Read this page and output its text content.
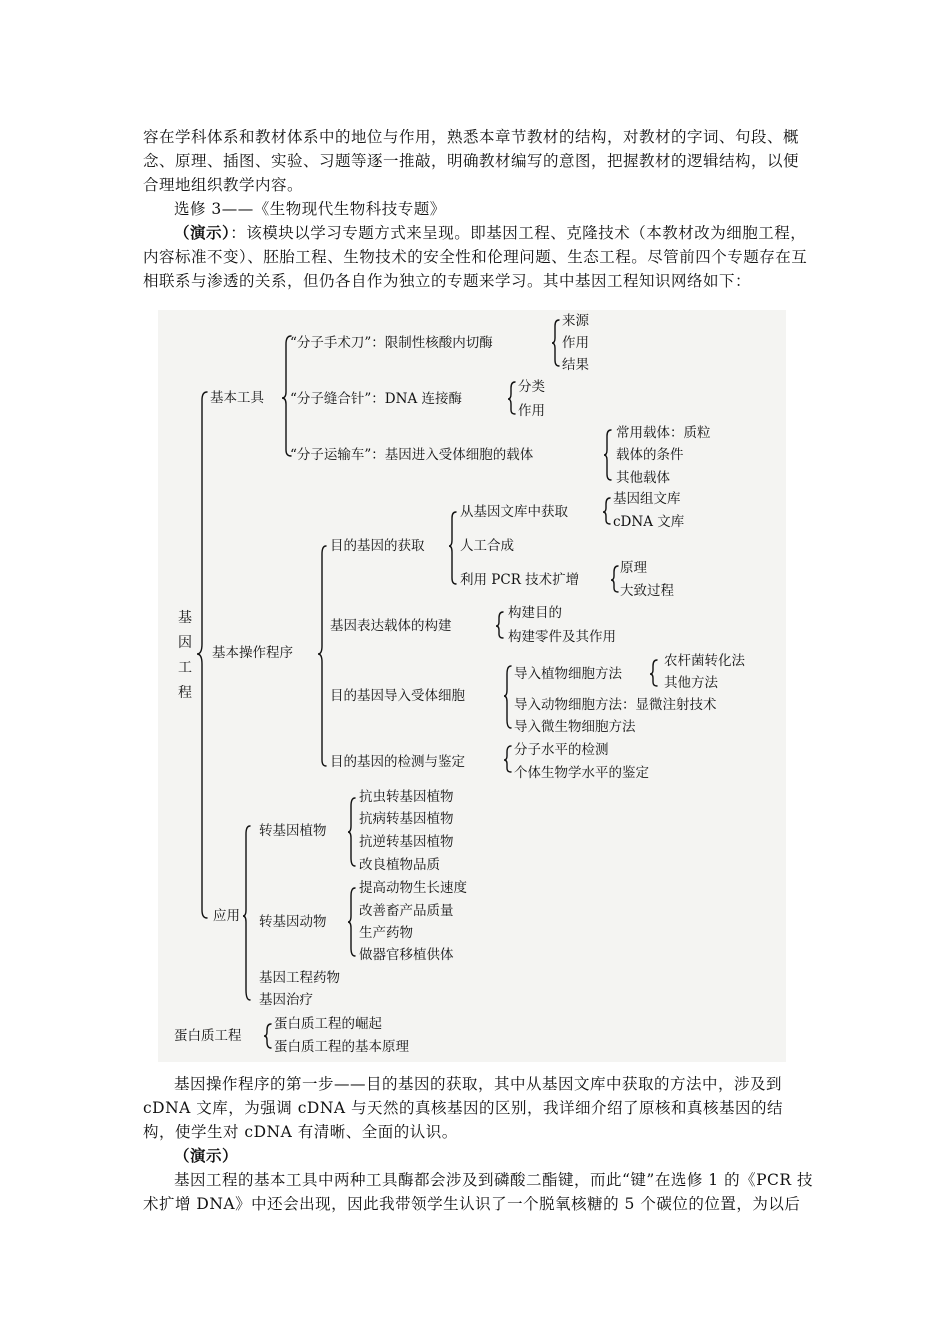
容在学科体系和教材体系中的地位与作用，熟悉本章节教材的结构，对教材的字词、句段、概念、原理、插图、实验、习题等逐一推敲，明确教材编写的意图，把握教材的逻辑结构，以便合理地组织教学内容。

选修 3——《生物现代生物科技专题》

（演示）：该模块以学习专题方式来呈现。即基因工程、克隆技术（本教材改为细胞工程，内容标准不变）、胚胎工程、生物技术的安全性和伦理问题、生态工程。尽管前四个专题存在互相联系与渗透的关系，但仍各自作为独立的专题来学习。其中基因工程知识网络如下：

基因工程
基本工具
“分子手术刀”：限制性核酸内切酶
来源
作用
结果
“分子缝合针”：DNA 连接酶
分类
作用
“分子运输车”：基因进入受体细胞的载体
常用载体：质粒
载体的条件
其他载体
基本操作程序
目的基因的获取
从基因文库中获取
基因组文库
cDNA 文库
人工合成
利用 PCR 技术扩增
原理
大致过程
基因表达载体的构建
构建目的
构建零件及其作用
目的基因导入受体细胞
导入植物细胞方法
农杆菌转化法
其他方法
导入动物细胞方法：显微注射技术
导入微生物细胞方法
目的基因的检测与鉴定
分子水平的检测
个体生物学水平的鉴定
应用
转基因植物
抗虫转基因植物
抗病转基因植物
抗逆转基因植物
改良植物品质
转基因动物
提高动物生长速度
改善畜产品质量
生产药物
做器官移植供体
基因工程药物
基因治疗
蛋白质工程
蛋白质工程的崛起
蛋白质工程的基本原理

基因操作程序的第一步——目的基因的获取，其中从基因文库中获取的方法中，涉及到 cDNA 文库，为强调 cDNA 与天然的真核基因的区别，我详细介绍了原核和真核基因的结构，使学生对 cDNA 有清晰、全面的认识。

（演示）

基因工程的基本工具中两种工具酶都会涉及到磷酸二酯键，而此“键”在选修 1 的《PCR 技术扩增 DNA》中还会出现，因此我带领学生认识了一个脱氧核糖的 5 个碳位的位置，为以后
